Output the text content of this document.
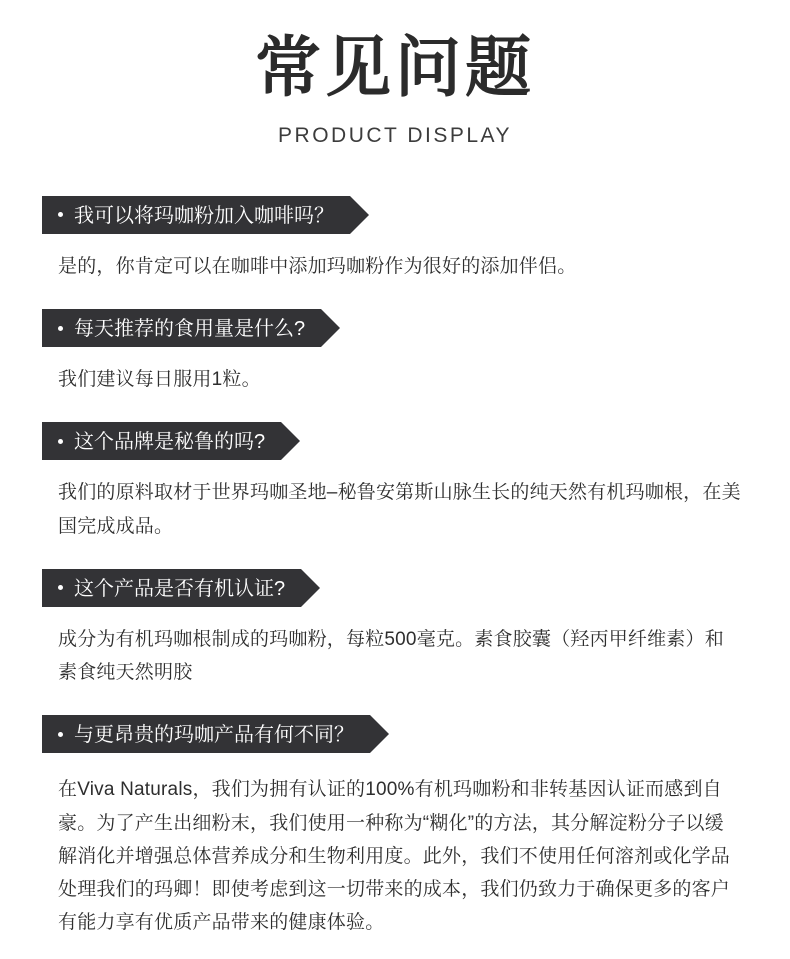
常见问题
PRODUCT DISPLAY
我可以将玛咖粉加入咖啡吗？
是的，你肯定可以在咖啡中添加玛咖粉作为很好的添加伴侣。
每天推荐的食用量是什么?
我们建议每日服用1粒。
这个品牌是秘鲁的吗?
我们的原料取材于世界玛咖圣地–秘鲁安第斯山脉生长的纯天然有机玛咖根，在美国完成成品。
这个产品是否有机认证?
成分为有机玛咖根制成的玛咖粉，每粒500毫克。素食胶囊（羟丙甲纤维素）和素食纯天然明胶
与更昂贵的玛咖产品有何不同？
在Viva Naturals，我们为拥有认证的100%有机玛咖粉和非转基因认证而感到自豪。为了产生出细粉末，我们使用一种称为“糊化”的方法，其分解淀粉分子以缓解消化并增强总体营养成分和生物利用度。此外，我们不使用任何溶剂或化学品处理我们的玛卿！即使考虑到这一切带来的成本，我们仍致力于确保更多的客户有能力享有优质产品带来的健康体验。
